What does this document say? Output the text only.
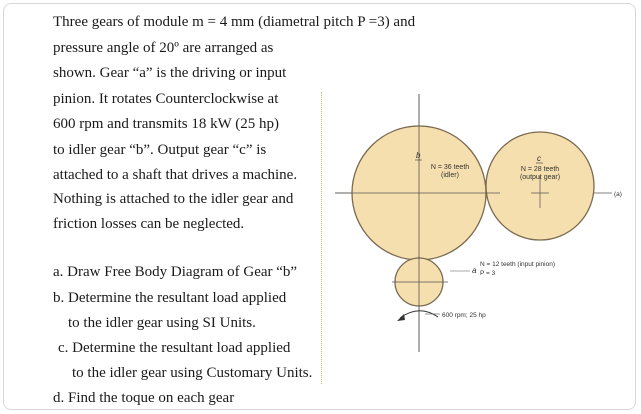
Three gears of module m = 4 mm (diametral pitch P =3) and
pressure angle of 20º are arranged as
shown. Gear “a” is the driving or input
pinion. It rotates Counterclockwise at
600 rpm and transmits 18 kW (25 hp)
to idler gear “b”. Output gear “c” is
attached to a shaft that drives a machine.
Nothing is attached to the idler gear and
friction losses can be neglected.
a. Draw Free Body Diagram of Gear “b”
b. Determine the resultant load applied
to the idler gear using SI Units.
c. Determine the resultant load applied
to the idler gear using Customary Units.
d. Find the toque on each gear
c
N = 28 teeth
(output gear)
b
N = 36 teeth
(idler)
a
N = 12 teeth (input pinion)
P = 3
600 rpm; 25 hp
(a)
